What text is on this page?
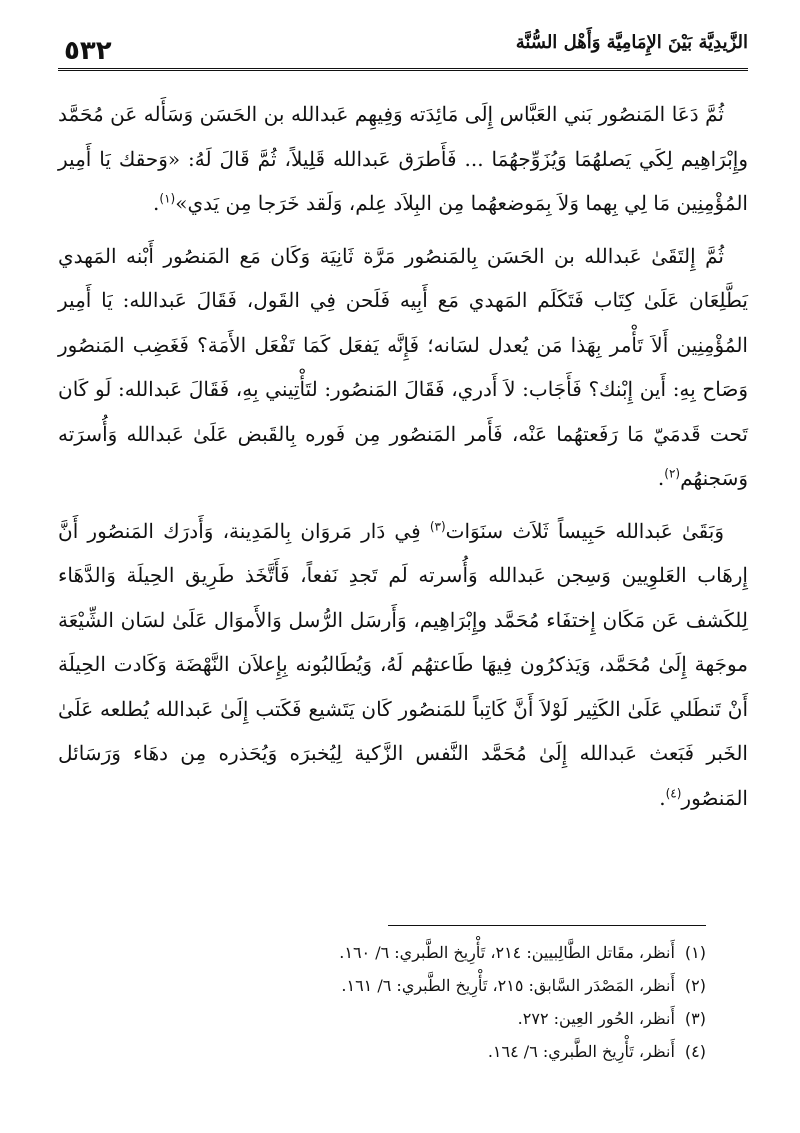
الزَّيدِيَّة بَيْنَ الإِمَامِيَّة وَأَهْل السُّنَّة
٥٣٢

ثُمَّ دَعَا المَنصُور بَني العَبَّاس إِلَى مَائِدَته وَفِيهِم عَبدالله بن الحَسَن وَسَأَله عَن مُحَمَّد وإِبْرَاهِيم لِكَي يَصلهُمَا وَيُزَوِّجهُمَا ... فَأَطرَق عَبدالله قَلِيلاً، ثُمَّ قَالَ لَهُ: «وَحقك يَا أَمِير المُؤْمِنِين مَا لِي بِهما وَلاَ بِمَوضعهُما مِن البِلاَد عِلم، وَلَقد خَرَجا مِن يَدي»$^{(١)}$.

ثُمَّ إِلتَقَىٰ عَبدالله بن الحَسَن بِالمَنصُور مَرَّة ثَانِيَة وَكَان مَع المَنصُور أَبْنه المَهدي يَطَّلِعَان عَلَىٰ كِتَاب فَتَكَلَم المَهدي مَع أَبِيه فَلَحن فِي القَول، فَقَالَ عَبدالله: يَا أَمِير المُؤْمِنِين أَلاَ تَأْمر بِهَذا مَن يُعدل لسَانه؛ فَإِنَّه يَفعَل كَمَا تَفْعَل الأَمَة؟ فَغَضِب المَنصُور وَصَاح بِهِ: أَين إِبْنك؟ فَأَجَاب: لاَ أَدري، فَقَالَ المَنصُور: لتَأْتِيني بِهِ، فَقَالَ عَبدالله: لَو كَان تَحت قَدمَيّ مَا رَفَعتهُما عَنْه، فَأَمر المَنصُور مِن فَوره بِالقَبض عَلَىٰ عَبدالله وَأُسرَته وَسَجنهُم$^{(٢)}$.

وَبَقَىٰ عَبدالله حَبِيساً ثَلاَث سنَوَات$^{(٣)}$ فِي دَار مَروَان بِالمَدِينة، وَأَدرَك المَنصُور أَنَّ إِرهَاب العَلوِيين وَسِجن عَبدالله وَأُسرته لَم تَجدِ نَفعاً، فَأَتَّخَذ طَرِيق الحِيلَة وَالدَّهَاء لِلكَشف عَن مَكَان إِختفَاء مُحَمَّد وإِبْرَاهِيم، وَأَرسَل الرُّسل وَالأَموَال عَلَىٰ لسَان الشِّيْعَة موجَهة إِلَىٰ مُحَمَّد، وَيَذكرُون فِيهَا طَاعتهُم لَهُ، وَيُطَالبُونه بِإِعلاَن النَّهْضَة وَكَادت الحِيلَة أَنْ تَنطَلي عَلَىٰ الكَثِير لَوْلاَ أَنَّ كَاتِباً للمَنصُور كَان يَتَشيع فَكَتب إِلَىٰ عَبدالله يُطلعه عَلَىٰ الخَبر فَبَعث عَبدالله إِلَىٰ مُحَمَّد النَّفس الزَّكية لِيُخبرَه وَيُحَذره مِن دهَاء وَرَسَائل المَنصُور$^{(٤)}$.

(١)أَنظر، مقَاتل الطَّالِبيين: ٢١٤، تَأْرِيخ الطَّبري: ٦/ ١٦٠.
(٢)أَنظر، المَصْدَر السَّابق: ٢١٥، تَأْرِيخ الطَّبري: ٦/ ١٦١.
(٣)أَنظر، الحُور العِين: ٢٧٢.
(٤)أَنظر، تَأْرِيخ الطَّبري: ٦/ ١٦٤.
